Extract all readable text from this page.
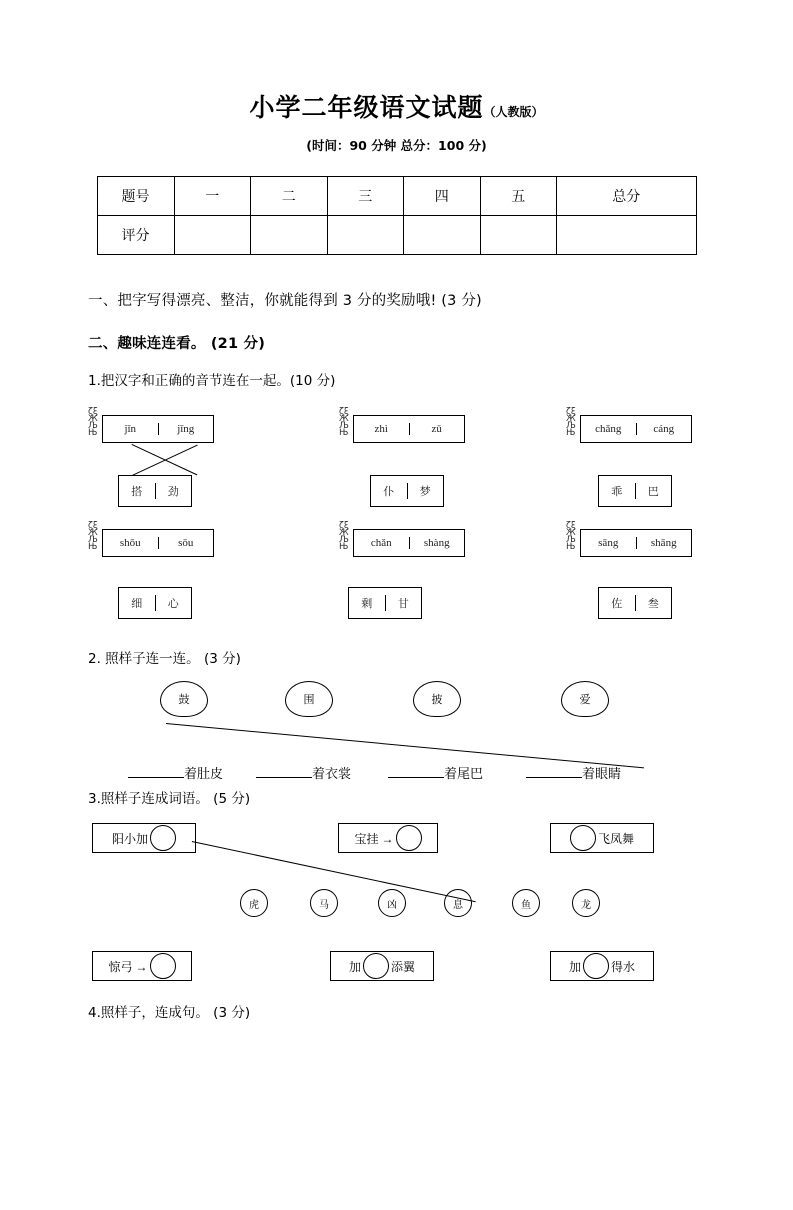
小学二年级语文试题（人教版）
(时间：90 分钟 总分：100 分)
题号	一	二	三	四	五	总分
评分						
一、把字写得漂亮、整洁，你就能得到 3 分的奖励哦! (3 分)
二、趣味连连看。 (21 分)
1.把汉字和正确的音节连在一起。(10 分)
jǐn	jǐng
ζξЖЉЊ	zhì	zǔ
ζξЖЉЊ	chǎng	cáng
ζξЖЉЊ
搭	劲	仆	梦	乖	巴
shōu	sōu
ζξЖЉЊ	chǎn	shàng
ζξЖЉЊ	sāng	shāng
ζξЖЉЊ
细	心	剩	甘	佐	叁
2. 照样子连一连。 (3 分)
鼓	围	披	爱
着肚皮	着衣裳	着尾巴	着眼睛
3.照样子连成词语。 (5 分)
阳小加	宝挂 →	飞凤舞
虎	马	凶	息	鱼	龙
惊弓 →	加	添翼	加	得水
4.照样子，连成句。 (3 分)
